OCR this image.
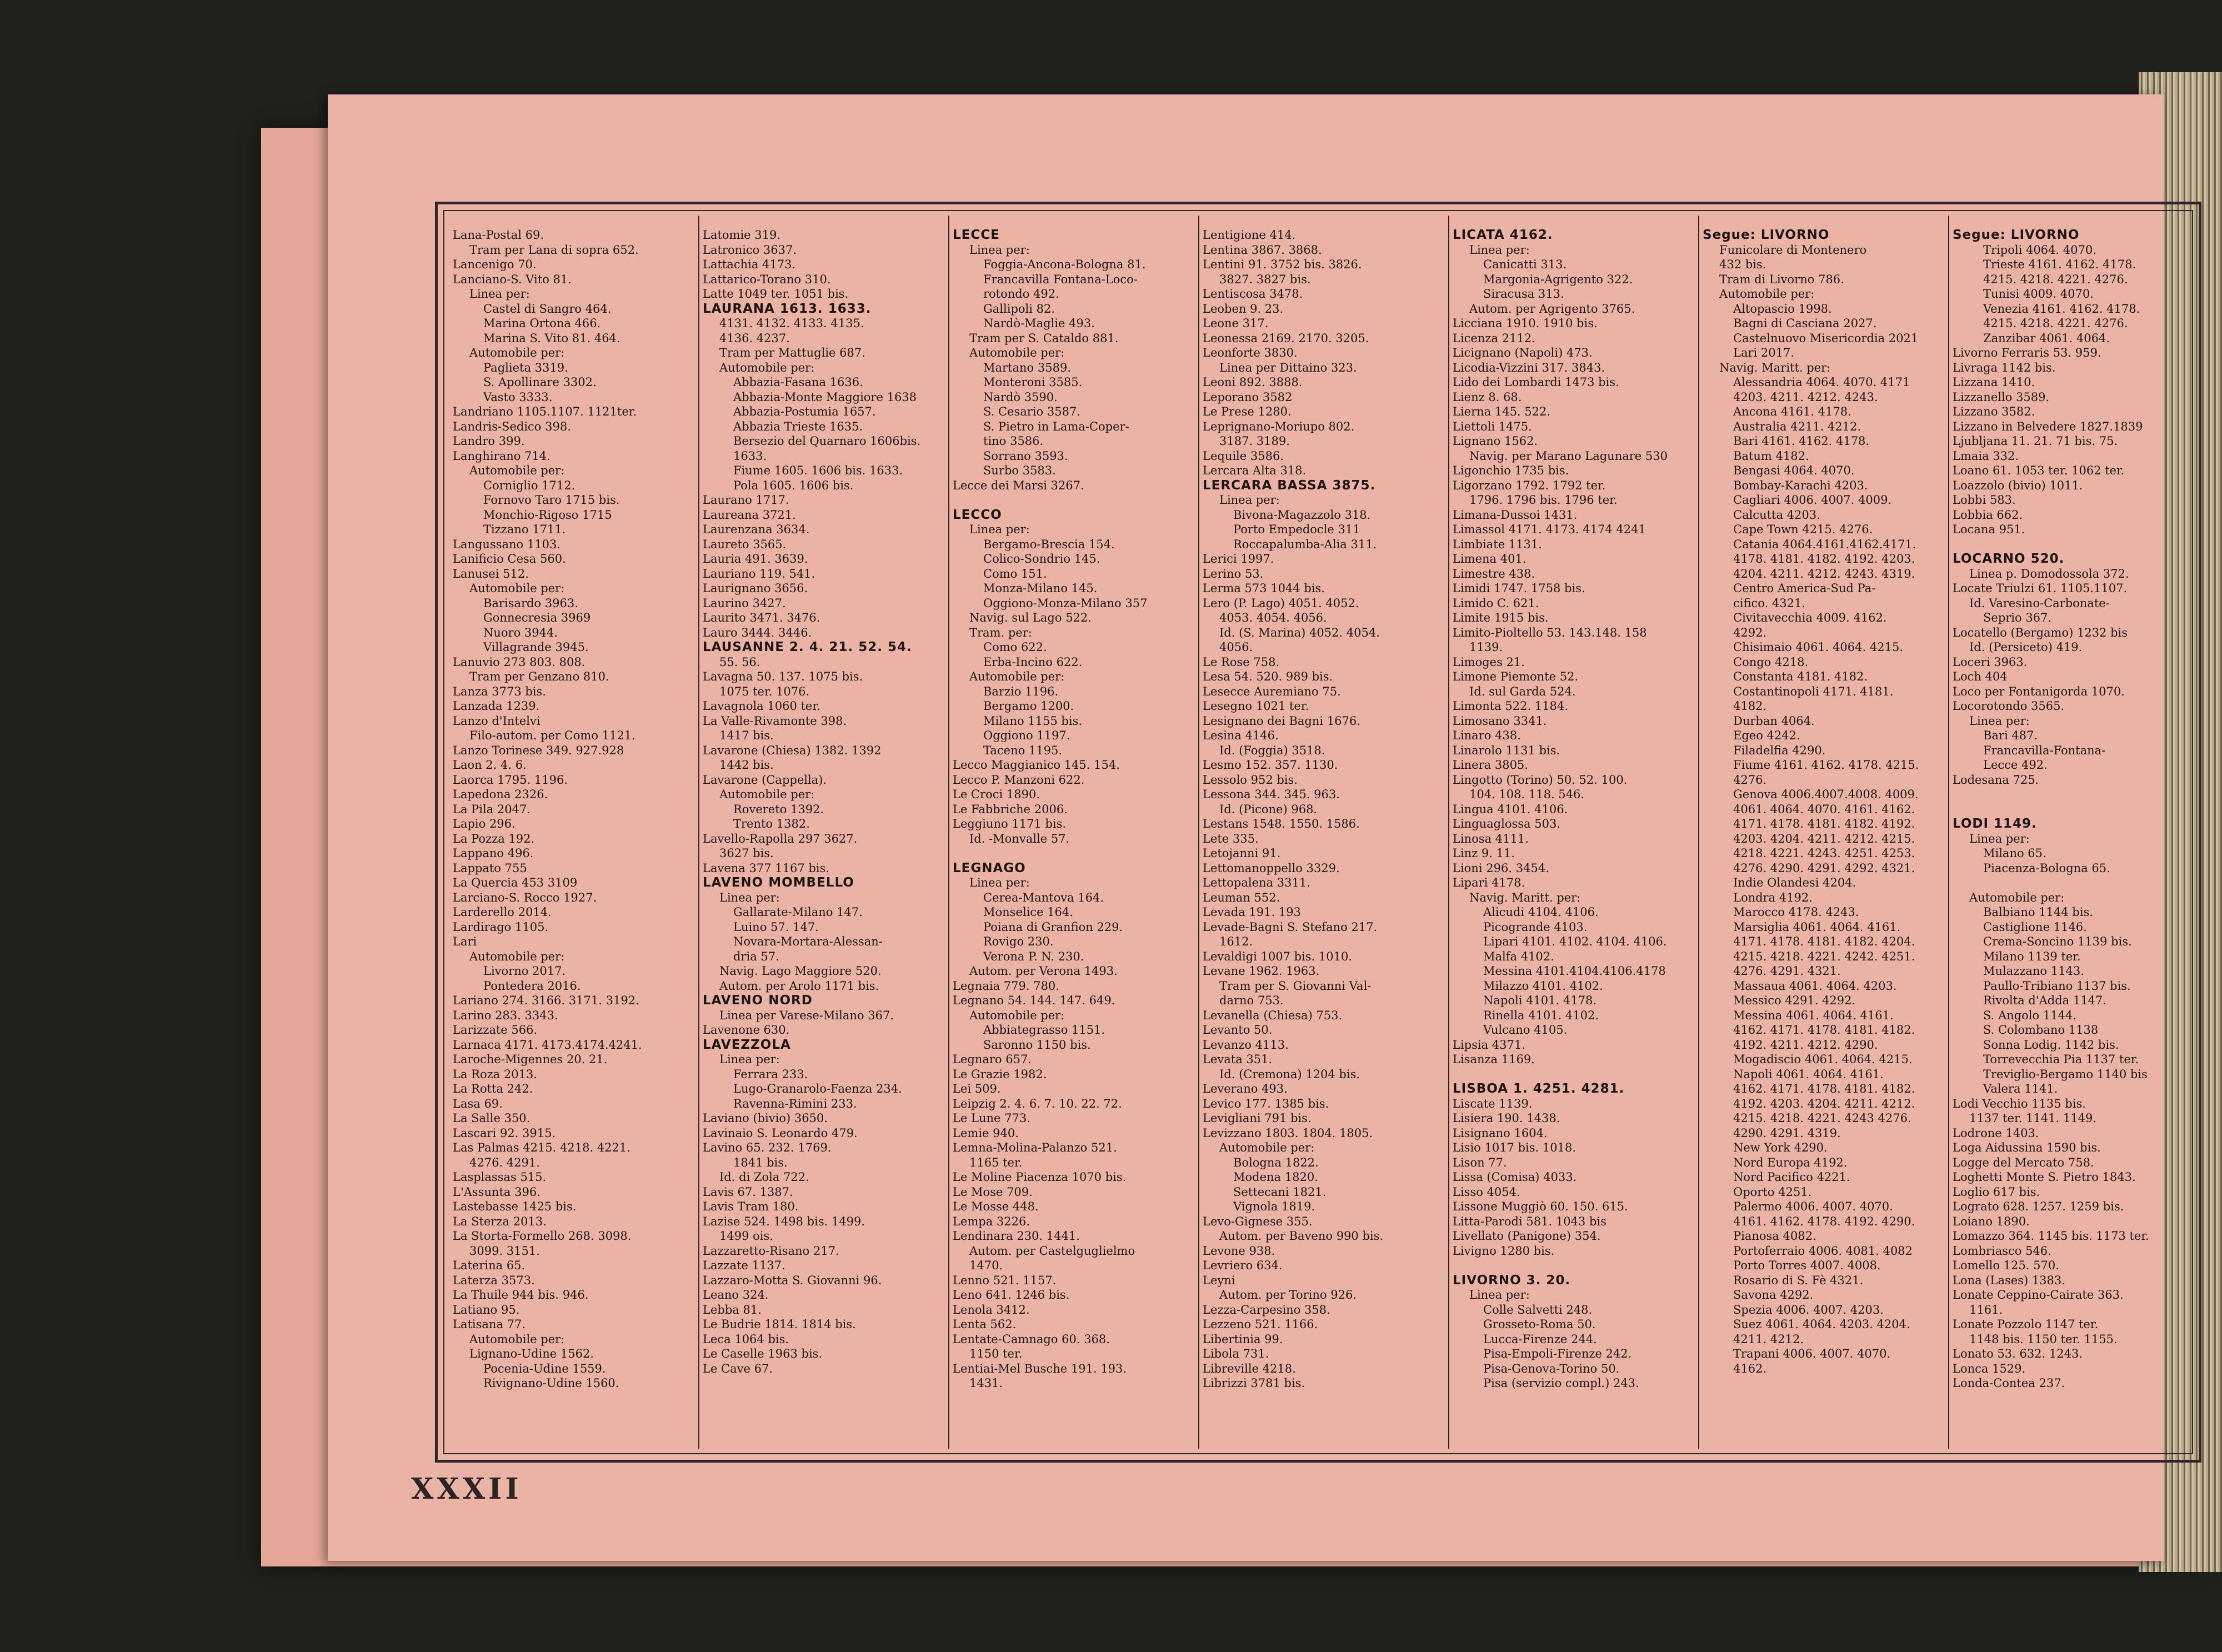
Lana-Postal 69.
Tram per Lana di sopra 652.
Lancenigo 70.
Lanciano-S. Vito 81.
Linea per:
Castel di Sangro 464.
Marina Ortona 466.
Marina S. Vito 81. 464.
Automobile per:
Paglieta 3319.
S. Apollinare 3302.
Vasto 3333.
Landriano 1105.1107. 1121ter.
Landris-Sedico 398.
Landro 399.
Langhirano 714.
Automobile per:
Corniglio 1712.
Fornovo Taro 1715 bis.
Monchio-Rigoso 1715
Tizzano 1711.
Langussano 1103.
Lanificio Cesa 560.
Lanusei 512.
Automobile per:
Barisardo 3963.
Gonnecresia 3969
Nuoro 3944.
Villagrande 3945.
Lanuvio 273 803. 808.
Tram per Genzano 810.
Lanza 3773 bis.
Lanzada 1239.
Lanzo d'Intelvi
Filo-autom. per Como 1121.
Lanzo Torinese 349. 927.928
Laon 2. 4. 6.
Laorca 1795. 1196.
Lapedona 2326.
La Pila 2047.
Lapio 296.
La Pozza 192.
Lappano 496.
Lappato 755
La Quercia 453 3109
Larciano-S. Rocco 1927.
Larderello 2014.
Lardirago 1105.
Lari
Automobile per:
Livorno 2017.
Pontedera 2016.
Lariano 274. 3166. 3171. 3192.
Larino 283. 3343.
Larizzate 566.
Larnaca 4171. 4173.4174.4241.
Laroche-Migennes 20. 21.
La Roza 2013.
La Rotta 242.
Lasa 69.
La Salle 350.
Lascari 92. 3915.
Las Palmas 4215. 4218. 4221.
4276. 4291.
Lasplassas 515.
L'Assunta 396.
Lastebasse 1425 bis.
La Sterza 2013.
La Storta-Formello 268. 3098.
3099. 3151.
Laterina 65.
Laterza 3573.
La Thuile 944 bis. 946.
Latiano 95.
Latisana 77.
Automobile per:
Lignano-Udine 1562.
Pocenia-Udine 1559.
Rivignano-Udine 1560.
Latomie 319.
Latronico 3637.
Lattachia 4173.
Lattarico-Torano 310.
Latte 1049 ter. 1051 bis.
LAURANA 1613. 1633.
4131. 4132. 4133. 4135.
4136. 4237.
Tram per Mattuglie 687.
Automobile per:
Abbazia-Fasana 1636.
Abbazia-Monte Maggiore 1638
Abbazia-Postumia 1657.
Abbazia Trieste 1635.
Bersezio del Quarnaro 1606bis.
1633.
Fiume 1605. 1606 bis. 1633.
Pola 1605. 1606 bis.
Laurano 1717.
Laureana 3721.
Laurenzana 3634.
Laureto 3565.
Lauria 491. 3639.
Lauriano 119. 541.
Laurignano 3656.
Laurino 3427.
Laurito 3471. 3476.
Lauro 3444. 3446.
LAUSANNE 2. 4. 21. 52. 54.
55. 56.
Lavagna 50. 137. 1075 bis.
1075 ter. 1076.
Lavagnola 1060 ter.
La Valle-Rivamonte 398.
1417 bis.
Lavarone (Chiesa) 1382. 1392
1442 bis.
Lavarone (Cappella).
Automobile per:
Rovereto 1392.
Trento 1382.
Lavello-Rapolla 297 3627.
3627 bis.
Lavena 377 1167 bis.
LAVENO MOMBELLO
Linea per:
Gallarate-Milano 147.
Luino 57. 147.
Novara-Mortara-Alessan-
dria 57.
Navig. Lago Maggiore 520.
Autom. per Arolo 1171 bis.
LAVENO NORD
Linea per Varese-Milano 367.
Lavenone 630.
LAVEZZOLA
Linea per:
Ferrara 233.
Lugo-Granarolo-Faenza 234.
Ravenna-Rimini 233.
Laviano (bivio) 3650.
Lavinaio S. Leonardo 479.
Lavino 65. 232. 1769.
1841 bis.
Id. di Zola 722.
Lavis 67. 1387.
Lavis Tram 180.
Lazise 524. 1498 bis. 1499.
1499 ois.
Lazzaretto-Risano 217.
Lazzate 1137.
Lazzaro-Motta S. Giovanni 96.
Leano 324.
Lebba 81.
Le Budrie 1814. 1814 bis.
Leca 1064 bis.
Le Caselle 1963 bis.
Le Cave 67.
LECCE
Linea per:
Foggia-Ancona-Bologna 81.
Francavilla Fontana-Loco-
rotondo 492.
Gallipoli 82.
Nardò-Maglie 493.
Tram per S. Cataldo 881.
Automobile per:
Martano 3589.
Monteroni 3585.
Nardò 3590.
S. Cesario 3587.
S. Pietro in Lama-Coper-
tino 3586.
Sorrano 3593.
Surbo 3583.
Lecce dei Marsi 3267.

LECCO
Linea per:
Bergamo-Brescia 154.
Colico-Sondrio 145.
Como 151.
Monza-Milano 145.
Oggiono-Monza-Milano 357
Navig. sul Lago 522.
Tram. per:
Como 622.
Erba-Incino 622.
Automobile per:
Barzio 1196.
Bergamo 1200.
Milano 1155 bis.
Oggiono 1197.
Taceno 1195.
Lecco Maggianico 145. 154.
Lecco P. Manzoni 622.
Le Croci 1890.
Le Fabbriche 2006.
Leggiuno 1171 bis.
Id. -Monvalle 57.

LEGNAGO
Linea per:
Cerea-Mantova 164.
Monselice 164.
Poiana di Granfion 229.
Rovigo 230.
Verona P. N. 230.
Autom. per Verona 1493.
Legnaia 779. 780.
Legnano 54. 144. 147. 649.
Automobile per:
Abbiategrasso 1151.
Saronno 1150 bis.
Legnaro 657.
Le Grazie 1982.
Lei 509.
Leipzig 2. 4. 6. 7. 10. 22. 72.
Le Lune 773.
Lemie 940.
Lemna-Molina-Palanzo 521.
1165 ter.
Le Moline Piacenza 1070 bis.
Le Mose 709.
Le Mosse 448.
Lempa 3226.
Lendinara 230. 1441.
Autom. per Castelguglielmo
1470.
Lenno 521. 1157.
Leno 641. 1246 bis.
Lenola 3412.
Lenta 562.
Lentate-Camnago 60. 368.
1150 ter.
Lentiai-Mel Busche 191. 193.
1431.
Lentigione 414.
Lentina 3867. 3868.
Lentini 91. 3752 bis. 3826.
3827. 3827 bis.
Lentiscosa 3478.
Leoben 9. 23.
Leone 317.
Leonessa 2169. 2170. 3205.
Leonforte 3830.
Linea per Dittaino 323.
Leoni 892. 3888.
Leporano 3582
Le Prese 1280.
Leprignano-Moriupo 802.
3187. 3189.
Lequile 3586.
Lercara Alta 318.
LERCARA BASSA 3875.
Linea per:
Bivona-Magazzolo 318.
Porto Empedocle 311
Roccapalumba-Alia 311.
Lerici 1997.
Lerino 53.
Lerma 573 1044 bis.
Lero (P. Lago) 4051. 4052.
4053. 4054. 4056.
Id. (S. Marina) 4052. 4054.
4056.
Le Rose 758.
Lesa 54. 520. 989 bis.
Lesecce Auremiano 75.
Lesegno 1021 ter.
Lesignano dei Bagni 1676.
Lesina 4146.
Id. (Foggia) 3518.
Lesmo 152. 357. 1130.
Lessolo 952 bis.
Lessona 344. 345. 963.
Id. (Picone) 968.
Lestans 1548. 1550. 1586.
Lete 335.
Letojanni 91.
Lettomanoppello 3329.
Lettopalena 3311.
Leuman 552.
Levada 191. 193
Levade-Bagni S. Stefano 217.
1612.
Levaldigi 1007 bis. 1010.
Levane 1962. 1963.
Tram per S. Giovanni Val-
darno 753.
Levanella (Chiesa) 753.
Levanto 50.
Levanzo 4113.
Levata 351.
Id. (Cremona) 1204 bis.
Leverano 493.
Levico 177. 1385 bis.
Levigliani 791 bis.
Levizzano 1803. 1804. 1805.
Automobile per:
Bologna 1822.
Modena 1820.
Settecani 1821.
Vignola 1819.
Levo-Gignese 355.
Autom. per Baveno 990 bis.
Levone 938.
Levriero 634.
Leyni
Autom. per Torino 926.
Lezza-Carpesino 358.
Lezzeno 521. 1166.
Libertinia 99.
Libola 731.
Libreville 4218.
Librizzi 3781 bis.
LICATA 4162.
Linea per:
Canicatti 313.
Margonia-Agrigento 322.
Siracusa 313.
Autom. per Agrigento 3765.
Licciana 1910. 1910 bis.
Licenza 2112.
Licignano (Napoli) 473.
Licodia-Vizzini 317. 3843.
Lido dei Lombardi 1473 bis.
Lienz 8. 68.
Lierna 145. 522.
Liettoli 1475.
Lignano 1562.
Navig. per Marano Lagunare 530
Ligonchio 1735 bis.
Ligorzano 1792. 1792 ter.
1796. 1796 bis. 1796 ter.
Limana-Dussoi 1431.
Limassol 4171. 4173. 4174 4241
Limbiate 1131.
Limena 401.
Limestre 438.
Limidi 1747. 1758 bis.
Limido C. 621.
Limite 1915 bis.
Limito-Pioltello 53. 143.148. 158
1139.
Limoges 21.
Limone Piemonte 52.
Id. sul Garda 524.
Limonta 522. 1184.
Limosano 3341.
Linaro 438.
Linarolo 1131 bis.
Linera 3805.
Lingotto (Torino) 50. 52. 100.
104. 108. 118. 546.
Lingua 4101. 4106.
Linguaglossa 503.
Linosa 4111.
Linz 9. 11.
Lioni 296. 3454.
Lipari 4178.
Navig. Maritt. per:
Alicudi 4104. 4106.
Picogrande 4103.
Lipari 4101. 4102. 4104. 4106.
Malfa 4102.
Messina 4101.4104.4106.4178
Milazzo 4101. 4102.
Napoli 4101. 4178.
Rinella 4101. 4102.
Vulcano 4105.
Lipsia 4371.
Lisanza 1169.

LISBOA 1. 4251. 4281.
Liscate 1139.
Lisiera 190. 1438.
Lisignano 1604.
Lisio 1017 bis. 1018.
Lison 77.
Lissa (Comisa) 4033.
Lisso 4054.
Lissone Muggiò 60. 150. 615.
Litta-Parodi 581. 1043 bis
Livellato (Panigone) 354.
Livigno 1280 bis.

LIVORNO 3. 20.
Linea per:
Colle Salvetti 248.
Grosseto-Roma 50.
Lucca-Firenze 244.
Pisa-Empoli-Firenze 242.
Pisa-Genova-Torino 50.
Pisa (servizio compl.) 243.
Segue: LIVORNO
Funicolare di Montenero
432 bis.
Tram di Livorno 786.
Automobile per:
Altopascio 1998.
Bagni di Casciana 2027.
Castelnuovo Misericordia 2021
Lari 2017.
Navig. Maritt. per:
Alessandria 4064. 4070. 4171
4203. 4211. 4212. 4243.
Ancona 4161. 4178.
Australia 4211. 4212.
Bari 4161. 4162. 4178.
Batum 4182.
Bengasi 4064. 4070.
Bombay-Karachi 4203.
Cagliari 4006. 4007. 4009.
Calcutta 4203.
Cape Town 4215. 4276.
Catania 4064.4161.4162.4171.
4178. 4181. 4182. 4192. 4203.
4204. 4211. 4212. 4243. 4319.
Centro America-Sud Pa-
cifico. 4321.
Civitavecchia 4009. 4162.
4292.
Chisimaio 4061. 4064. 4215.
Congo 4218.
Constanta 4181. 4182.
Costantinopoli 4171. 4181.
4182.
Durban 4064.
Egeo 4242.
Filadelfia 4290.
Fiume 4161. 4162. 4178. 4215.
4276.
Genova 4006.4007.4008. 4009.
4061. 4064. 4070. 4161. 4162.
4171. 4178. 4181. 4182. 4192.
4203. 4204. 4211. 4212. 4215.
4218. 4221. 4243. 4251. 4253.
4276. 4290. 4291. 4292. 4321.
Indie Olandesi 4204.
Londra 4192.
Marocco 4178. 4243.
Marsiglia 4061. 4064. 4161.
4171. 4178. 4181. 4182. 4204.
4215. 4218. 4221. 4242. 4251.
4276. 4291. 4321.
Massaua 4061. 4064. 4203.
Messico 4291. 4292.
Messina 4061. 4064. 4161.
4162. 4171. 4178. 4181. 4182.
4192. 4211. 4212. 4290.
Mogadiscio 4061. 4064. 4215.
Napoli 4061. 4064. 4161.
4162. 4171. 4178. 4181. 4182.
4192. 4203. 4204. 4211. 4212.
4215. 4218. 4221. 4243 4276.
4290. 4291. 4319.
New York 4290.
Nord Europa 4192.
Nord Pacifico 4221.
Oporto 4251.
Palermo 4006. 4007. 4070.
4161. 4162. 4178. 4192. 4290.
Pianosa 4082.
Portoferraio 4006. 4081. 4082
Porto Torres 4007. 4008.
Rosario di S. Fè 4321.
Savona 4292.
Spezia 4006. 4007. 4203.
Suez 4061. 4064. 4203. 4204.
4211. 4212.
Trapani 4006. 4007. 4070.
4162.
Segue: LIVORNO
Tripoli 4064. 4070.
Trieste 4161. 4162. 4178.
4215. 4218. 4221. 4276.
Tunisi 4009. 4070.
Venezia 4161. 4162. 4178.
4215. 4218. 4221. 4276.
Zanzibar 4061. 4064.
Livorno Ferraris 53. 959.
Livraga 1142 bis.
Lizzana 1410.
Lizzanello 3589.
Lizzano 3582.
Lizzano in Belvedere 1827.1839
Ljubljana 11. 21. 71 bis. 75.
Lmaia 332.
Loano 61. 1053 ter. 1062 ter.
Loazzolo (bivio) 1011.
Lobbi 583.
Lobbia 662.
Locana 951.

LOCARNO 520.
Linea p. Domodossola 372.
Locate Triulzi 61. 1105.1107.
Id. Varesino-Carbonate-
Seprio 367.
Locatello (Bergamo) 1232 bis
Id. (Persiceto) 419.
Loceri 3963.
Loch 404
Loco per Fontanigorda 1070.
Locorotondo 3565.
Linea per:
Bari 487.
Francavilla-Fontana-
Lecce 492.
Lodesana 725.

LODI 1149.
Linea per:
Milano 65.
Piacenza-Bologna 65.

Automobile per:
Balbiano 1144 bis.
Castiglione 1146.
Crema-Soncino 1139 bis.
Milano 1139 ter.
Mulazzano 1143.
Paullo-Tribiano 1137 bis.
Rivolta d'Adda 1147.
S. Angolo 1144.
S. Colombano 1138
Sonna Lodig. 1142 bis.
Torrevecchia Pia 1137 ter.
Treviglio-Bergamo 1140 bis
Valera 1141.
Lodi Vecchio 1135 bis.
1137 ter. 1141. 1149.
Lodrone 1403.
Loga Aidussina 1590 bis.
Logge del Mercato 758.
Loghetti Monte S. Pietro 1843.
Loglio 617 bis.
Lograto 628. 1257. 1259 bis.
Loiano 1890.
Lomazzo 364. 1145 bis. 1173 ter.
Lombriasco 546.
Lomello 125. 570.
Lona (Lases) 1383.
Lonate Ceppino-Cairate 363.
1161.
Lonate Pozzolo 1147 ter.
1148 bis. 1150 ter. 1155.
Lonato 53. 632. 1243.
Lonca 1529.
Londa-Contea 237.
XXXII
